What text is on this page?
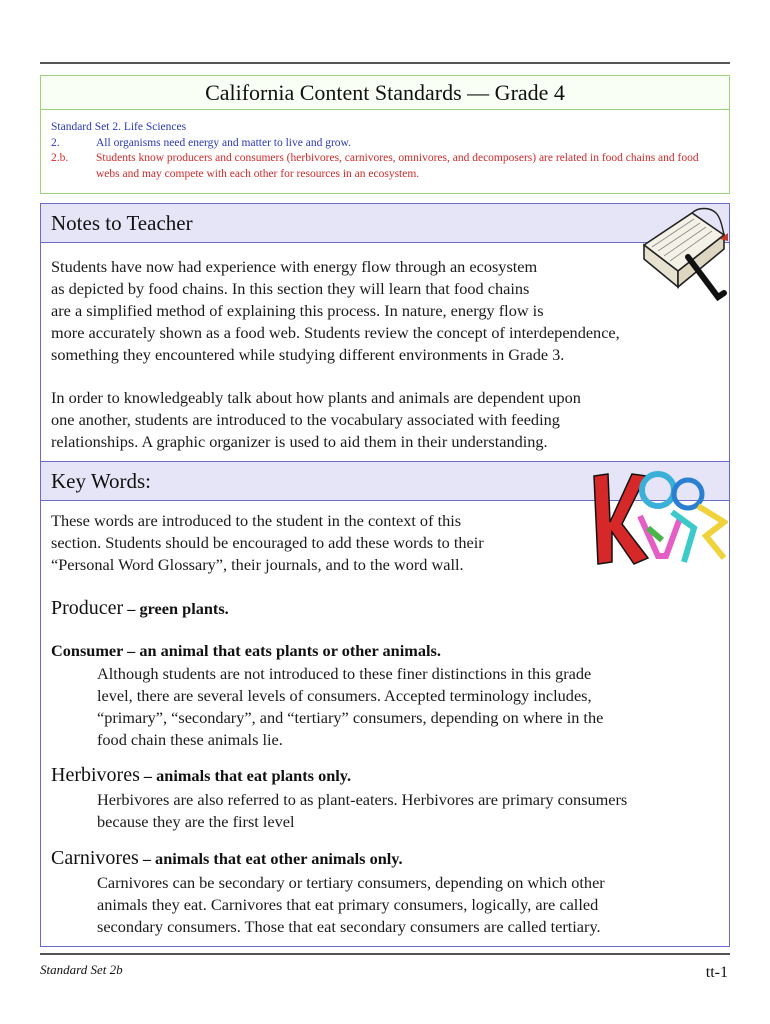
California Content Standards — Grade 4
Standard Set 2. Life Sciences
2.	All organisms need energy and matter to live and grow.
2.b.	Students know producers and consumers (herbivores, carnivores, omnivores, and decomposers) are related in food chains and food webs and may compete with each other for resources in an ecosystem.
Notes to Teacher

Students have now had experience with energy flow through an ecosystem
as depicted by food chains. In this section they will learn that food chains
are a simplified method of explaining this process. In nature, energy flow is
more accurately shown as a food web. Students review the concept of interdependence,
something they encountered while studying different environments in Grade 3.

In order to knowledgeably talk about how plants and animals are dependent upon
one another, students are introduced to the vocabulary associated with feeding
relationships. A graphic organizer is used to aid them in their understanding.

Key Words:

These words are introduced to the student in the context of this
section. Students should be encouraged to add these words to their
“Personal Word Glossary”, their journals, and to the word wall.

Producer – green plants.

Consumer – an animal that eats plants or other animals.

Although students are not introduced to these finer distinctions in this grade
level, there are several levels of consumers. Accepted terminology includes,
“primary”, “secondary”, and “tertiary” consumers, depending on where in the
food chain these animals lie.

Herbivores – animals that eat plants only.

Herbivores are also referred to as plant-eaters. Herbivores are primary consumers
because they are the first level

Carnivores – animals that eat other animals only.

Carnivores can be secondary or tertiary consumers, depending on which other
animals they eat. Carnivores that eat primary consumers, logically, are called
secondary consumers. Those that eat secondary consumers are called tertiary.

Standard Set 2b	tt-1
